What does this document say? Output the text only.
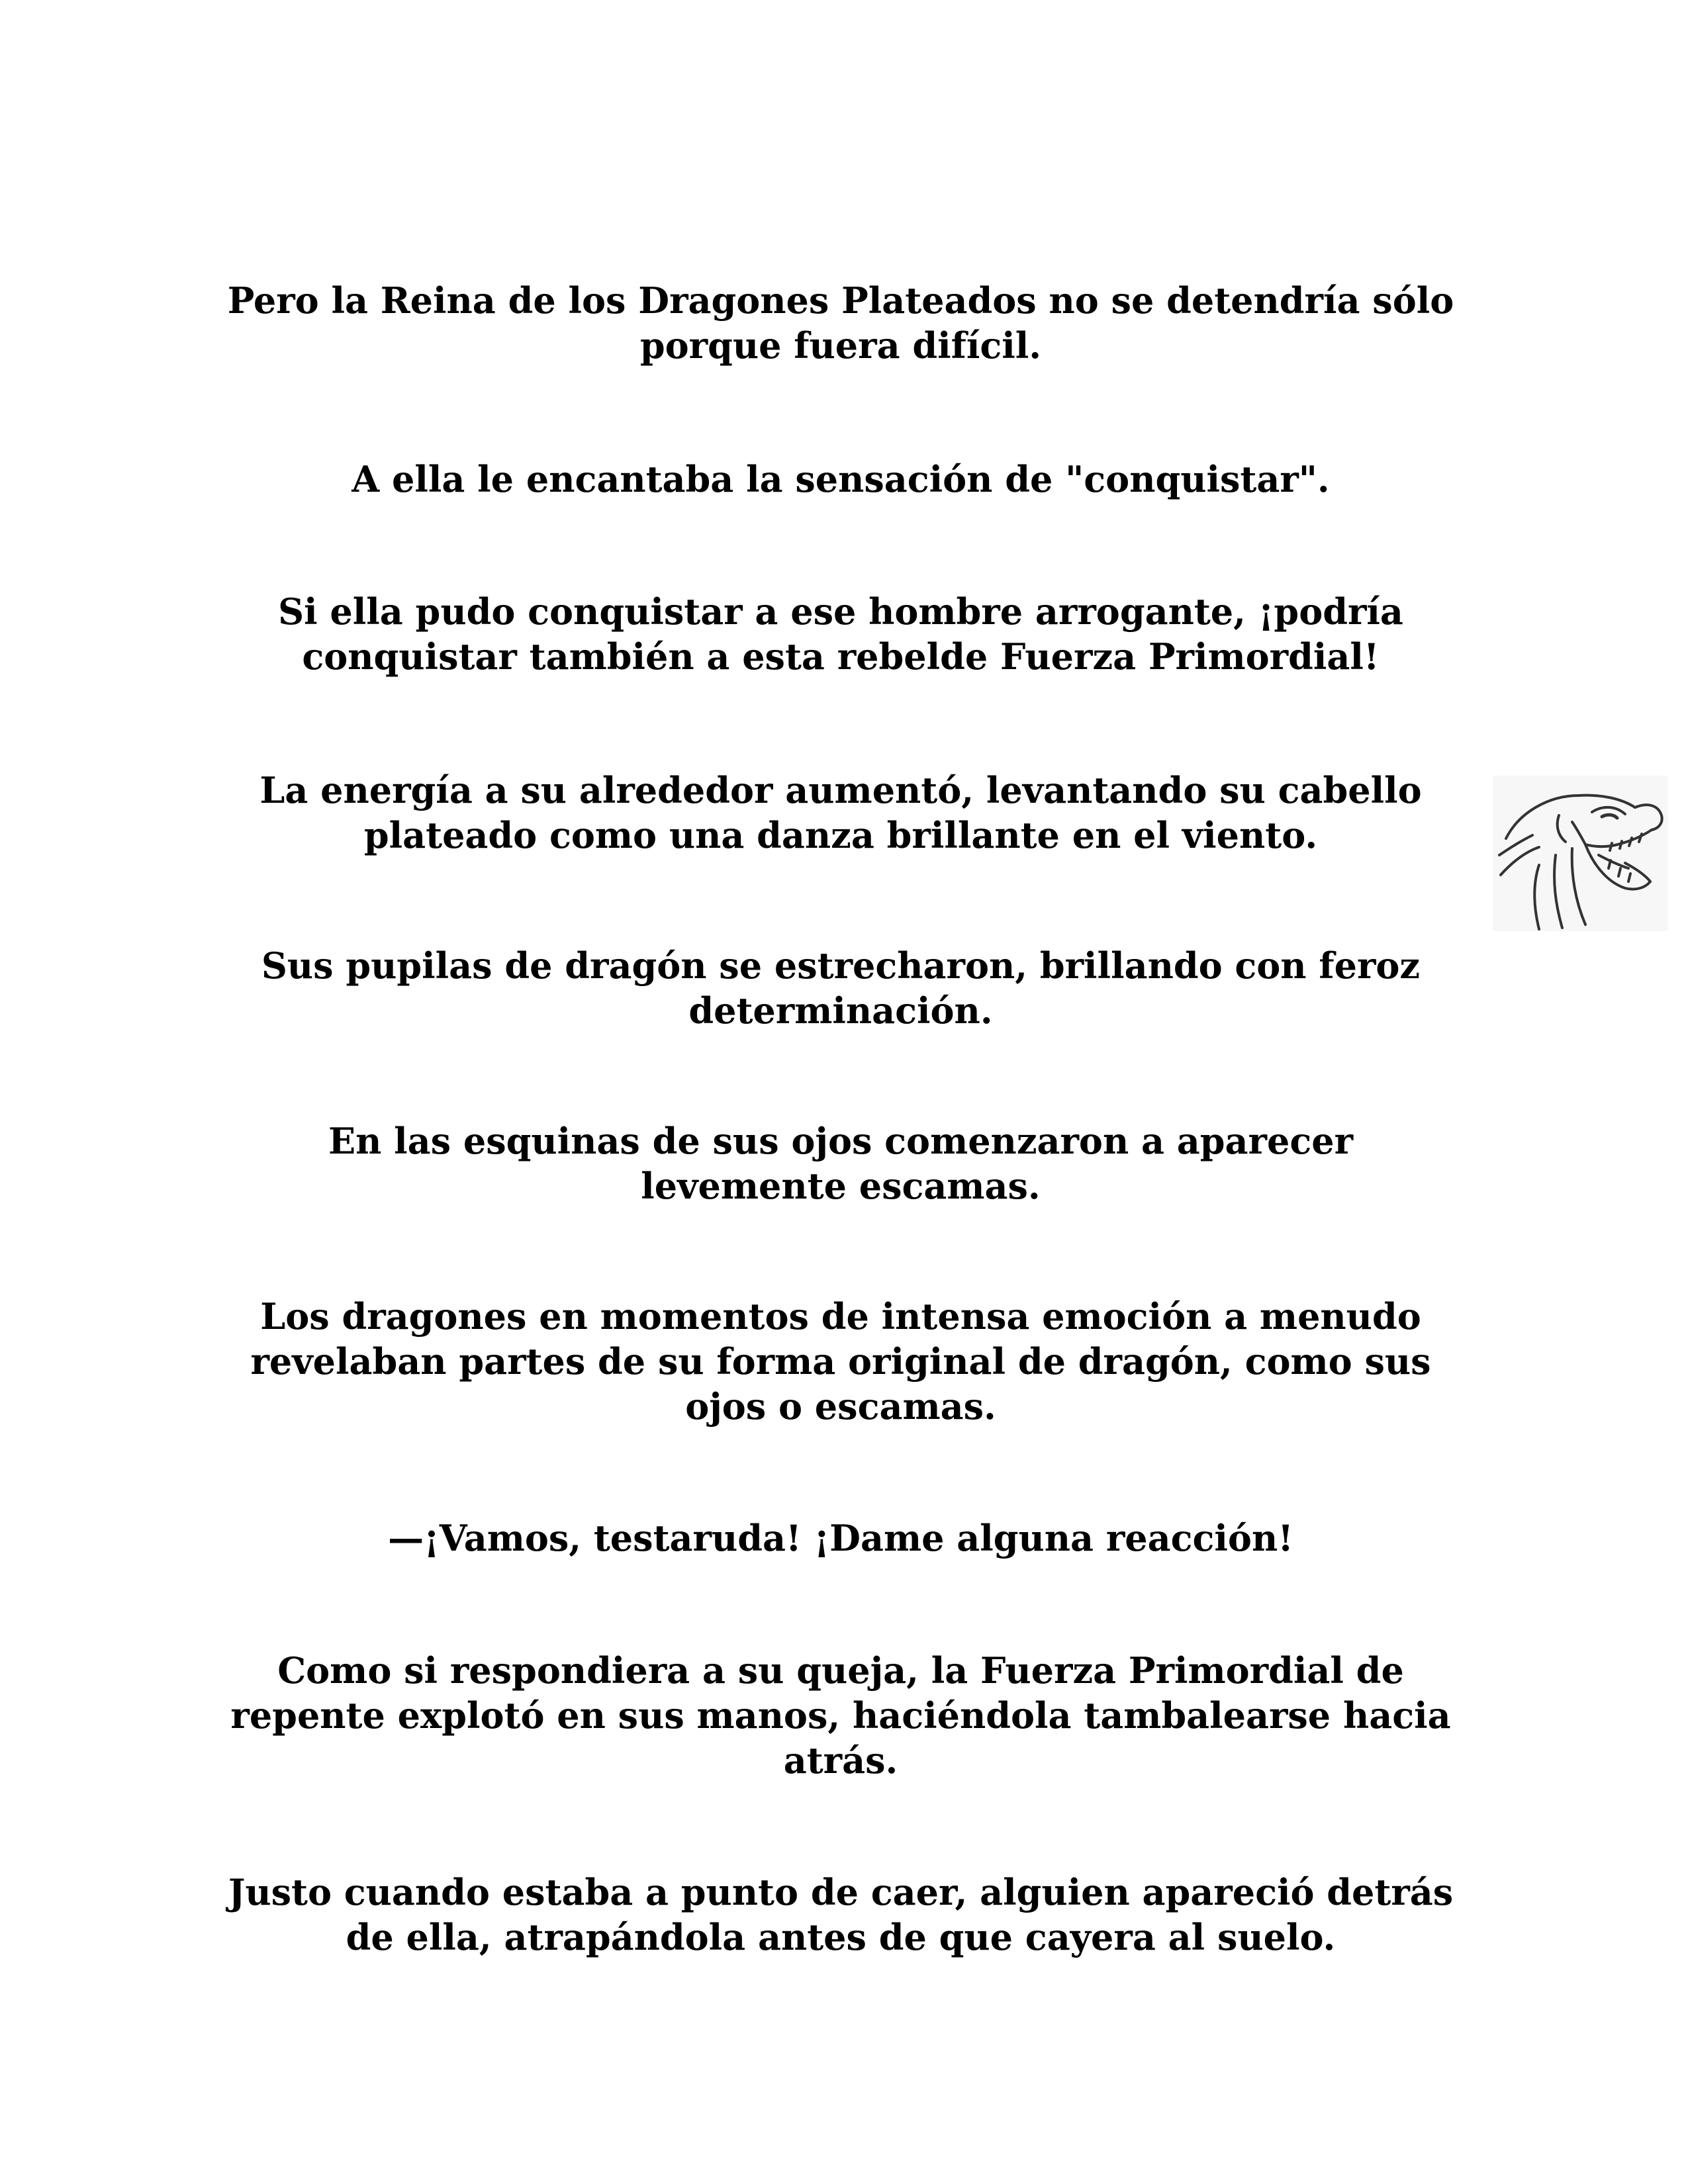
Pero la Reina de los Dragones Plateados no se detendría sólo porque fuera difícil.

A ella le encantaba la sensación de "conquistar".

Si ella pudo conquistar a ese hombre arrogante, ¡podría conquistar también a esta rebelde Fuerza Primordial!

La energía a su alrededor aumentó, levantando su cabello plateado como una danza brillante en el viento.

Sus pupilas de dragón se estrecharon, brillando con feroz determinación.

En las esquinas de sus ojos comenzaron a aparecer levemente escamas.

Los dragones en momentos de intensa emoción a menudo revelaban partes de su forma original de dragón, como sus ojos o escamas.

—¡Vamos, testaruda! ¡Dame alguna reacción!

Como si respondiera a su queja, la Fuerza Primordial de repente explotó en sus manos, haciéndola tambalearse hacia atrás.

Justo cuando estaba a punto de caer, alguien apareció detrás de ella, atrapándola antes de que cayera al suelo.
